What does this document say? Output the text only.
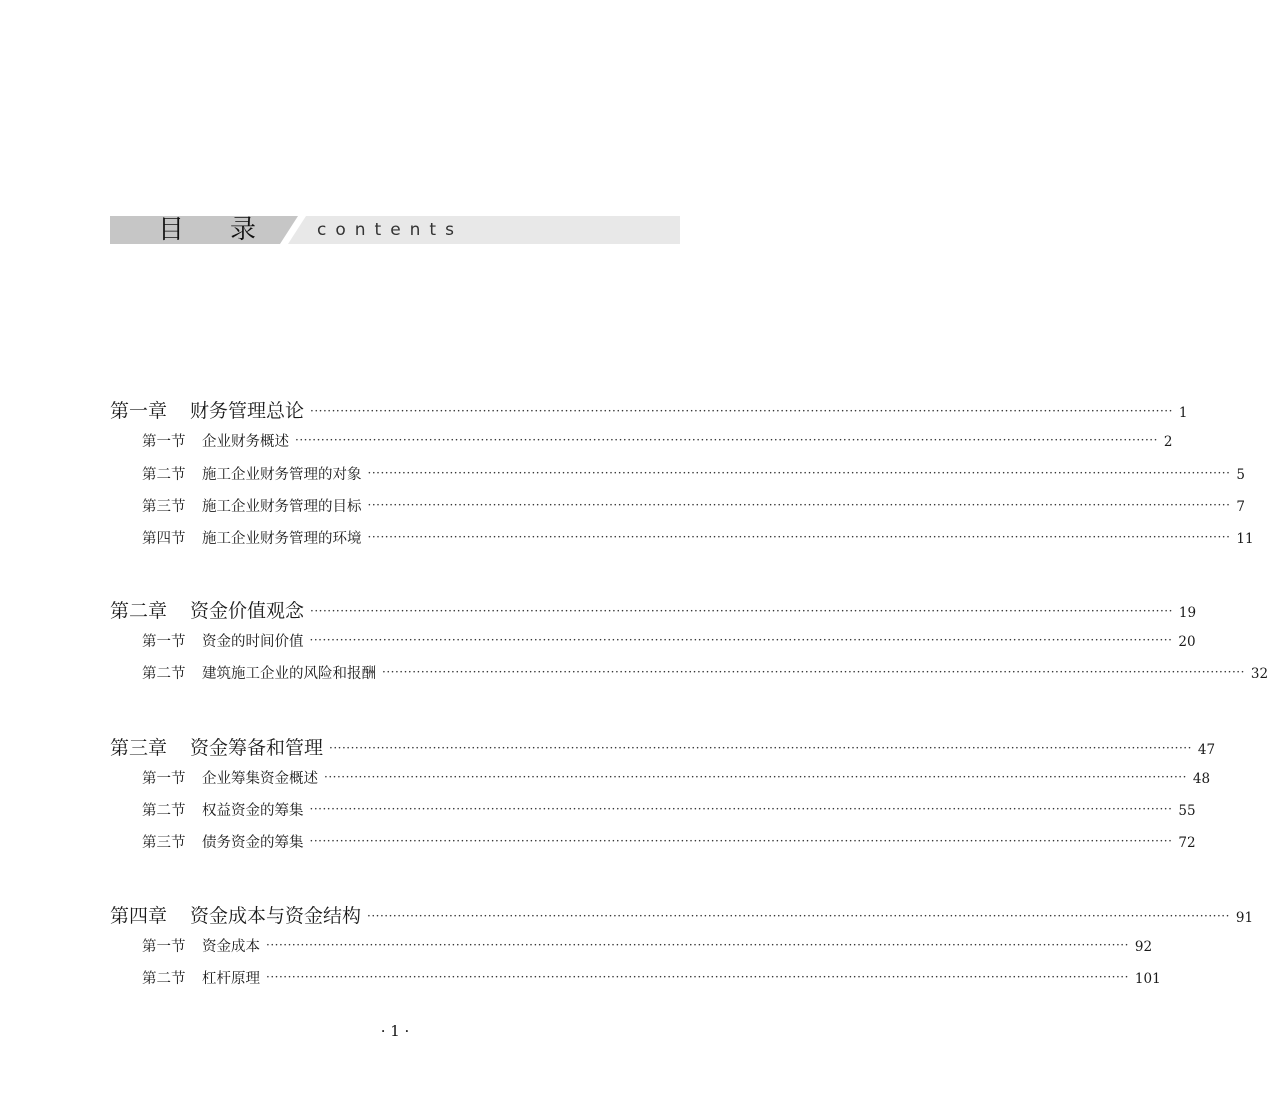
目录 contents
第一章	财务管理总论 ········································································································································································································ 1
第一节	企业财务概述 ········································································································································································································ 2
第二节	施工企业财务管理的对象 ········································································································································································································ 5
第三节	施工企业财务管理的目标 ········································································································································································································ 7
第四节	施工企业财务管理的环境 ········································································································································································································ 11
第二章	资金价值观念 ········································································································································································································ 19
第一节	资金的时间价值 ········································································································································································································ 20
第二节	建筑施工企业的风险和报酬 ········································································································································································································ 32
第三章	资金筹备和管理 ········································································································································································································ 47
第一节	企业筹集资金概述 ········································································································································································································ 48
第二节	权益资金的筹集 ········································································································································································································ 55
第三节	债务资金的筹集 ········································································································································································································ 72
第四章	资金成本与资金结构 ········································································································································································································ 91
第一节	资金成本 ········································································································································································································ 92
第二节	杠杆原理 ········································································································································································································ 101
· 1 ·
